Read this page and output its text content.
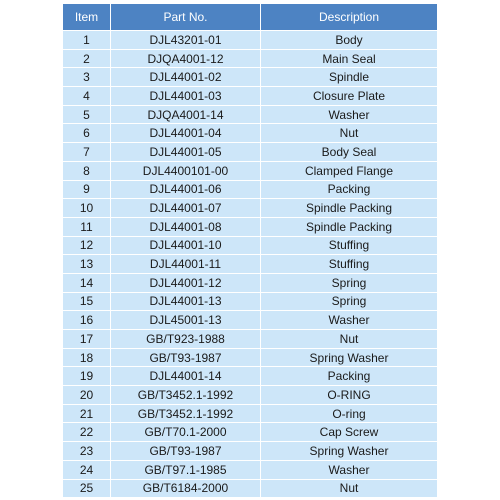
Item	Part No.	Description
1	DJL43201-01	Body
2	DJQA4001-12	Main Seal
3	DJL44001-02	Spindle
4	DJL44001-03	Closure Plate
5	DJQA4001-14	Washer
6	DJL44001-04	Nut
7	DJL44001-05	Body Seal
8	DJL4400101-00	Clamped Flange
9	DJL44001-06	Packing
10	DJL44001-07	Spindle Packing
11	DJL44001-08	Spindle Packing
12	DJL44001-10	Stuffing
13	DJL44001-11	Stuffing
14	DJL44001-12	Spring
15	DJL44001-13	Spring
16	DJL45001-13	Washer
17	GB/T923-1988	Nut
18	GB/T93-1987	Spring Washer
19	DJL44001-14	Packing
20	GB/T3452.1-1992	O-RING
21	GB/T3452.1-1992	O-ring
22	GB/T70.1-2000	Cap Screw
23	GB/T93-1987	Spring Washer
24	GB/T97.1-1985	Washer
25	GB/T6184-2000	Nut
